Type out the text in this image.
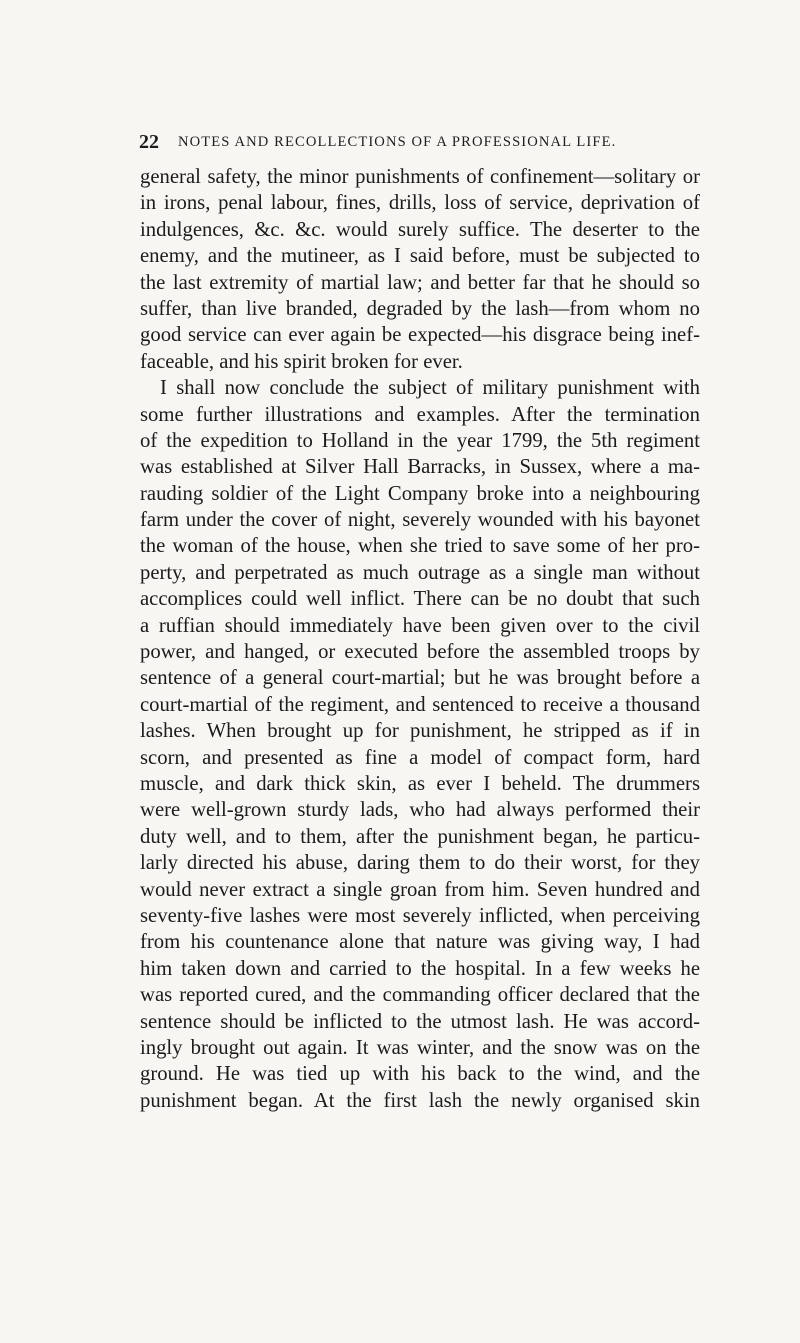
22 NOTES AND RECOLLECTIONS OF A PROFESSIONAL LIFE.
general safety, the minor punishments of confinement—solitary or
in irons, penal labour, fines, drills, loss of service, deprivation of
indulgences, &c. &c. would surely suffice. The deserter to the
enemy, and the mutineer, as I said before, must be subjected to
the last extremity of martial law; and better far that he should so
suffer, than live branded, degraded by the lash—from whom no
good service can ever again be expected—his disgrace being inef-
faceable, and his spirit broken for ever.
I shall now conclude the subject of military punishment with
some further illustrations and examples. After the termination
of the expedition to Holland in the year 1799, the 5th regiment
was established at Silver Hall Barracks, in Sussex, where a ma-
rauding soldier of the Light Company broke into a neighbouring
farm under the cover of night, severely wounded with his bayonet
the woman of the house, when she tried to save some of her pro-
perty, and perpetrated as much outrage as a single man without
accomplices could well inflict. There can be no doubt that such
a ruffian should immediately have been given over to the civil
power, and hanged, or executed before the assembled troops by
sentence of a general court-martial; but he was brought before a
court-martial of the regiment, and sentenced to receive a thousand
lashes. When brought up for punishment, he stripped as if in
scorn, and presented as fine a model of compact form, hard
muscle, and dark thick skin, as ever I beheld. The drummers
were well-grown sturdy lads, who had always performed their
duty well, and to them, after the punishment began, he particu-
larly directed his abuse, daring them to do their worst, for they
would never extract a single groan from him. Seven hundred and
seventy-five lashes were most severely inflicted, when perceiving
from his countenance alone that nature was giving way, I had
him taken down and carried to the hospital. In a few weeks he
was reported cured, and the commanding officer declared that the
sentence should be inflicted to the utmost lash. He was accord-
ingly brought out again. It was winter, and the snow was on the
ground. He was tied up with his back to the wind, and the
punishment began. At the first lash the newly organised skin
